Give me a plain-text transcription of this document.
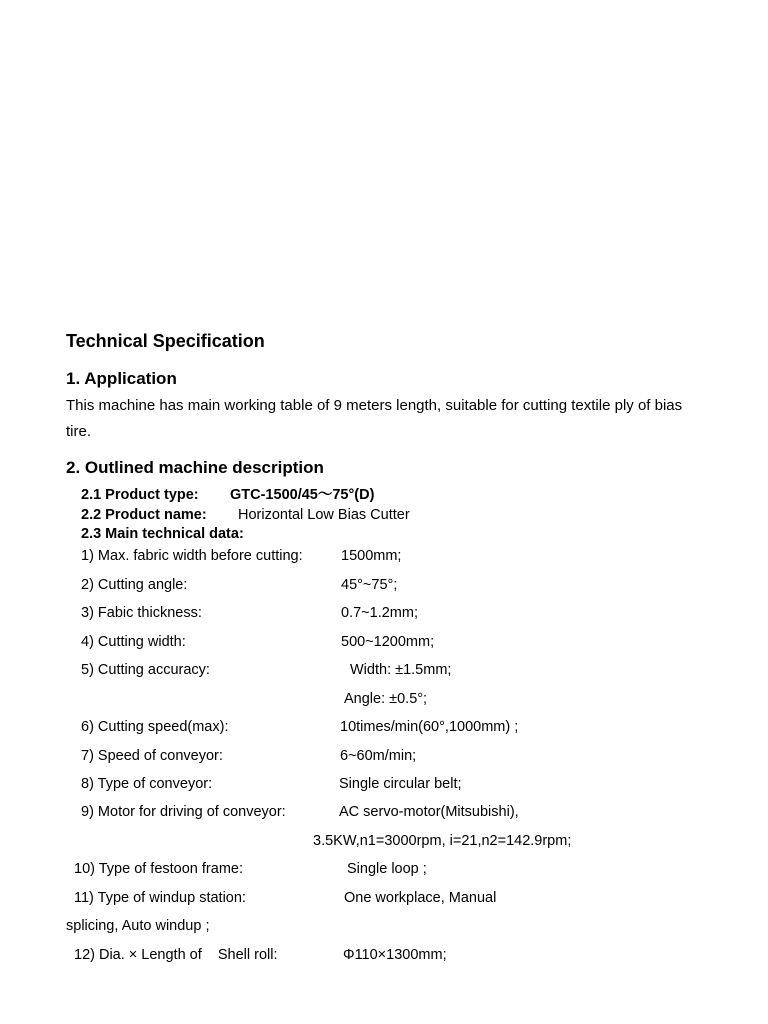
Technical Specification
1. Application
This machine has main working table of 9 meters length, suitable for cutting textile ply of bias
tire.
2. Outlined machine description
2.1 Product type: GTC-1500/45～75°(D)
2.2 Product name: Horizontal Low Bias Cutter
2.3 Main technical data:
1) Max. fabric width before cutting:	1500mm;
2) Cutting angle:	45°~75°;
3) Fabic thickness:	0.7~1.2mm;
4) Cutting width:	500~1200mm;
5) Cutting accuracy:	Width: ±1.5mm;
Angle: ±0.5°;
6) Cutting speed(max):	10times/min(60°,1000mm) ;
7) Speed of conveyor:	6~60m/min;
8) Type of conveyor:	Single circular belt;
9) Motor for driving of conveyor:	AC servo-motor(Mitsubishi),
3.5KW,n1=3000rpm, i=21,n2=142.9rpm;
10) Type of festoon frame:	Single loop ;
11) Type of windup station:	One workplace, Manual
splicing, Auto windup ;
12) Dia. × Length of    Shell roll:	Φ110×1300mm;
